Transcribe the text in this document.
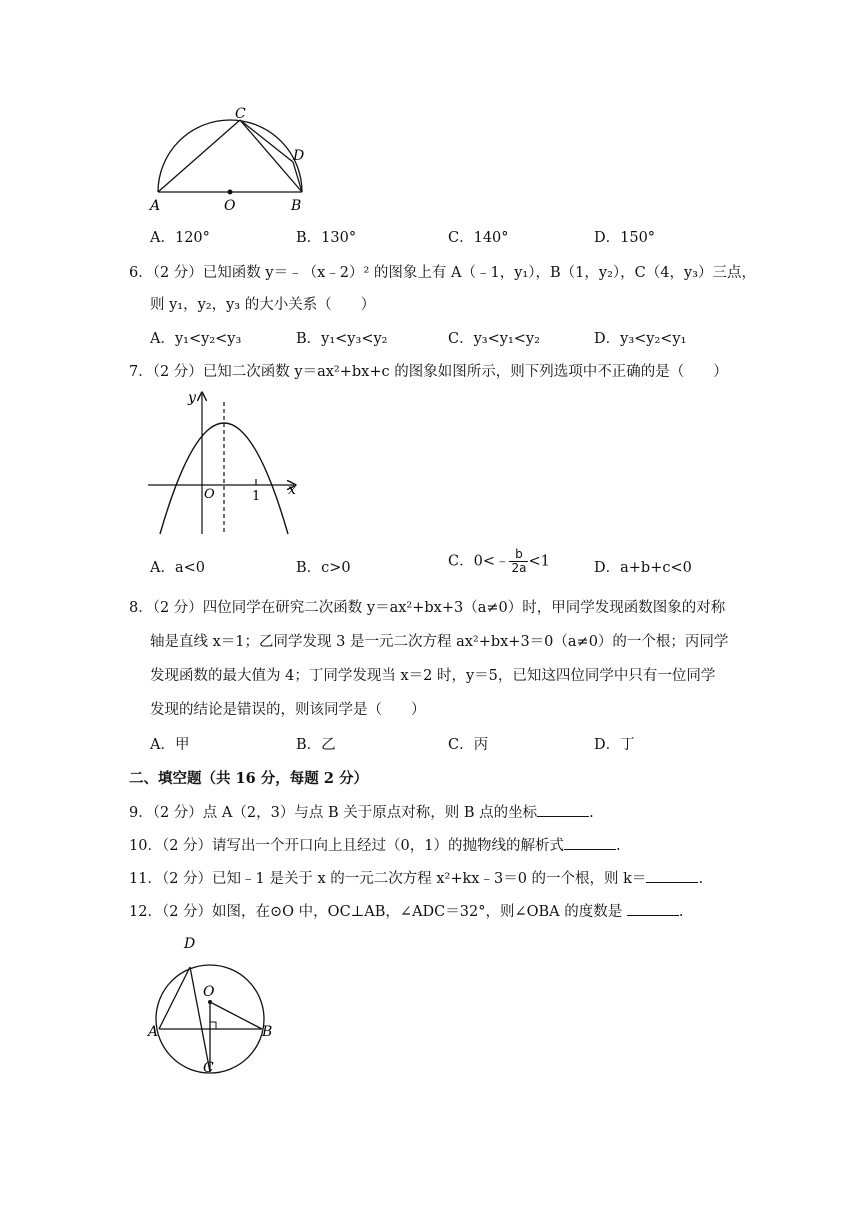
C
D
A	O	B
A．120°	B．130°	C．140°	D．150°
6．（2 分）已知函数 y＝﹣（x﹣2）² 的图象上有 A（﹣1，y₁），B（1，y₂），C（4，y₃）三点，
则 y₁，y₂，y₃ 的大小关系（　　）
A．y₁<y₂<y₃	B．y₁<y₃<y₂	C．y₃<y₁<y₂	D．y₃<y₂<y₁
7．（2 分）已知二次函数 y＝ax²+bx+c 的图象如图所示，则下列选项中不正确的是（　　）
y
x
O	1
A．a<0	B．c>0	C．0<﹣ $\frac{b}{2a} <1$	D．a+b+c<0
8．（2 分）四位同学在研究二次函数 y＝ax²+bx+3（a≠0）时，甲同学发现函数图象的对称
轴是直线 x＝1；乙同学发现 3 是一元二次方程 ax²+bx+3＝0（a≠0）的一个根；丙同学
发现函数的最大值为 4；丁同学发现当 x＝2 时，y＝5，已知这四位同学中只有一位同学
发现的结论是错误的，则该同学是（　　）
A．甲	B．乙	C．丙	D．丁
二、填空题（共 16 分，每题 2 分）
9．（2 分）点 A（2，3）与点 B 关于原点对称，则 B 点的坐标	.
10．（2 分）请写出一个开口向上且经过（0，1）的抛物线的解析式	.
11．（2 分）已知﹣1 是关于 x 的一元二次方程 x²+kx﹣3＝0 的一个根，则 k＝	.
12．（2 分）如图，在⊙O 中，OC⊥AB，∠ADC＝32°，则∠OBA 的度数是	.
D
O
A	B
C
